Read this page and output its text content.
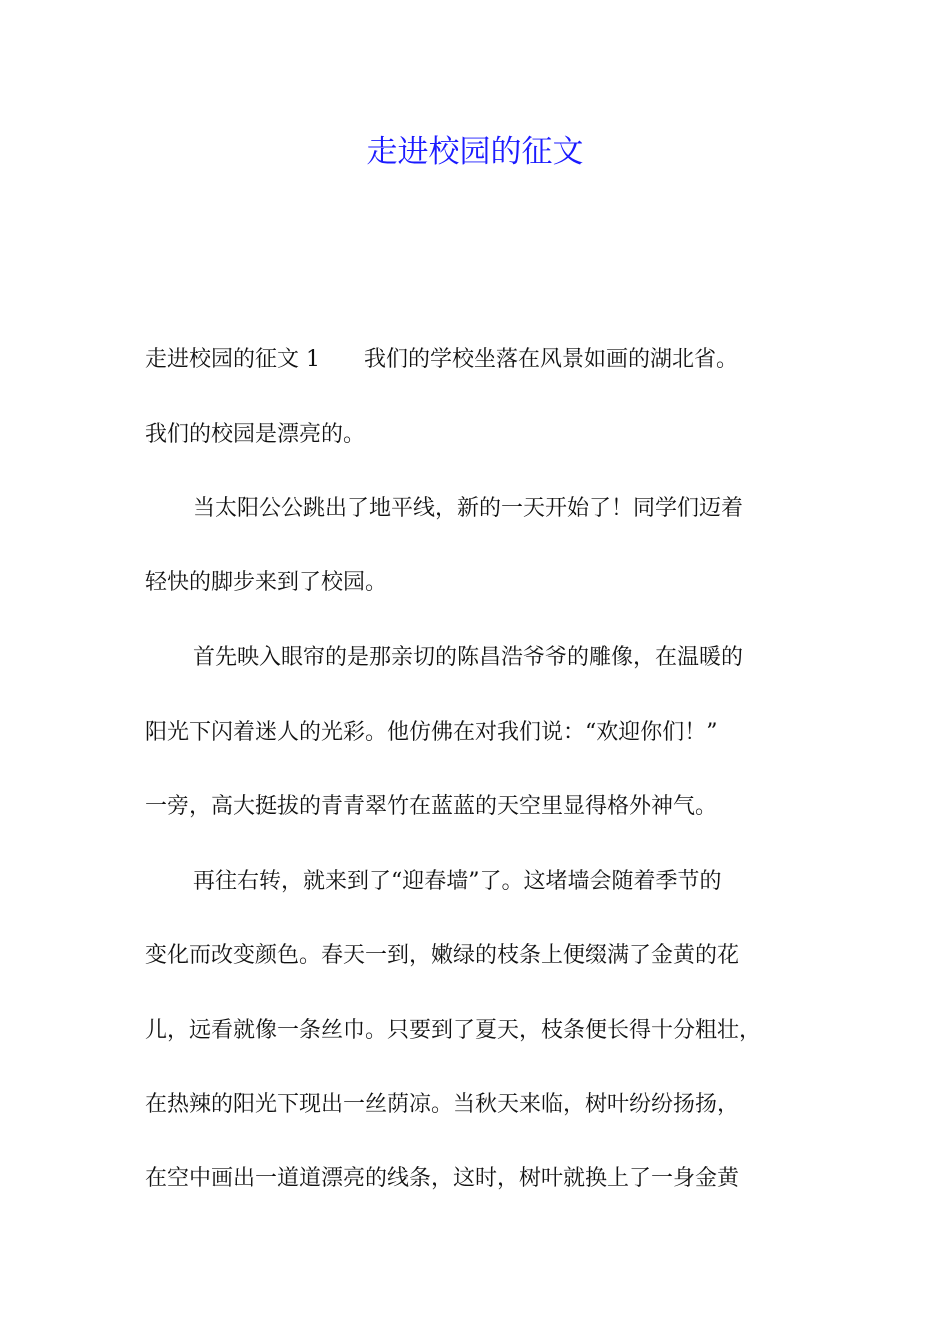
走进校园的征文

走进校园的征文 1 我们的学校坐落在风景如画的湖北省。

我们的校园是漂亮的。

当太阳公公跳出了地平线，新的一天开始了！同学们迈着

轻快的脚步来到了校园。

首先映入眼帘的是那亲切的陈昌浩爷爷的雕像，在温暖的

阳光下闪着迷人的光彩。他仿佛在对我们说：“欢迎你们！”

一旁，高大挺拔的青青翠竹在蓝蓝的天空里显得格外神气。

再往右转，就来到了“迎春墙”了。这堵墙会随着季节的

变化而改变颜色。春天一到，嫩绿的枝条上便缀满了金黄的花

儿，远看就像一条丝巾。只要到了夏天，枝条便长得十分粗壮，

在热辣的阳光下现出一丝荫凉。当秋天来临，树叶纷纷扬扬，

在空中画出一道道漂亮的线条，这时，树叶就换上了一身金黄
